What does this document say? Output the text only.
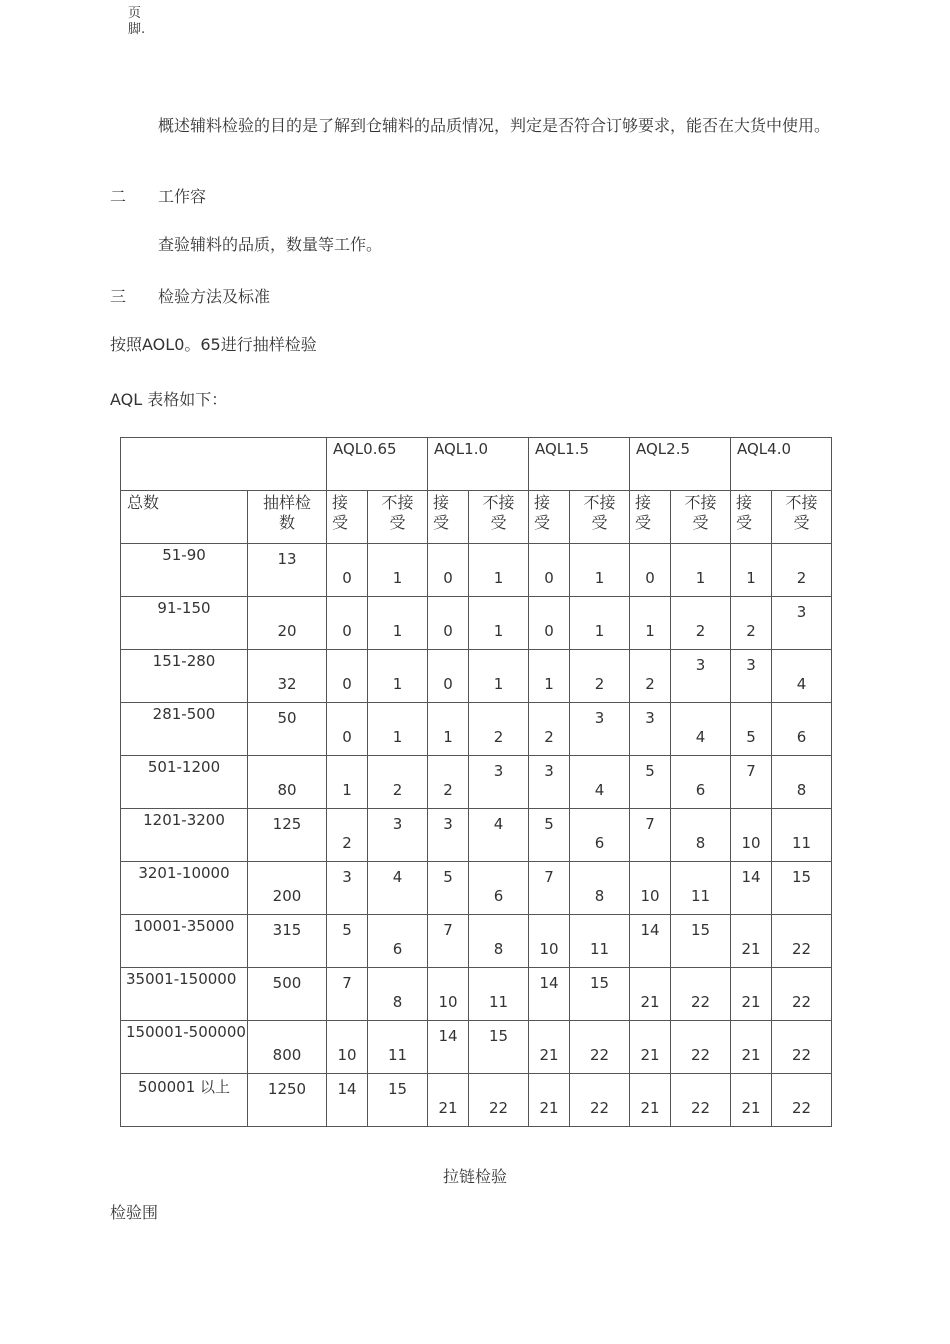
页
脚.
概述辅料检验的目的是了解到仓辅料的品质情况，判定是否符合订够要求，能否在大货中使用。
二 工作容
查验辅料的品质，数量等工作。
三 检验方法及标准
按照AOL0。65进行抽样检验
AQL 表格如下：

		AQL0.65		AQL1.0		AQL1.5		AQL2.5		AQL4.0	

总数	抽样检数	接受	不接受	接受	不接受	接受	不接受	接受	不接受	接受	不接受

51-90	13	0	1	0	1	0	1	0	1	1	2

91-150	20	0	1	0	1	0	1	1	2	2	3

151-280	32	0	1	0	1	1	2	2	3	3	4

281-500	50	0	1	1	2	2	3	3	4	5	6

501-1200	80	1	2	2	3	3	4	5	6	7	8

1201-3200	125	2	3	3	4	5	6	7	8	10	11

3201-10000	200	3	4	5	6	7	8	10	11	14	15

10001-35000	315	5	6	7	8	10	11	14	15	21	22

35001-150000	500	7	8	10	11	14	15	21	22	21	22

150001-500000	800	10	11	14	15	21	22	21	22	21	22

500001 以上	1250	14	15	21	22	21	22	21	22	21	22
拉链检验
检验围
